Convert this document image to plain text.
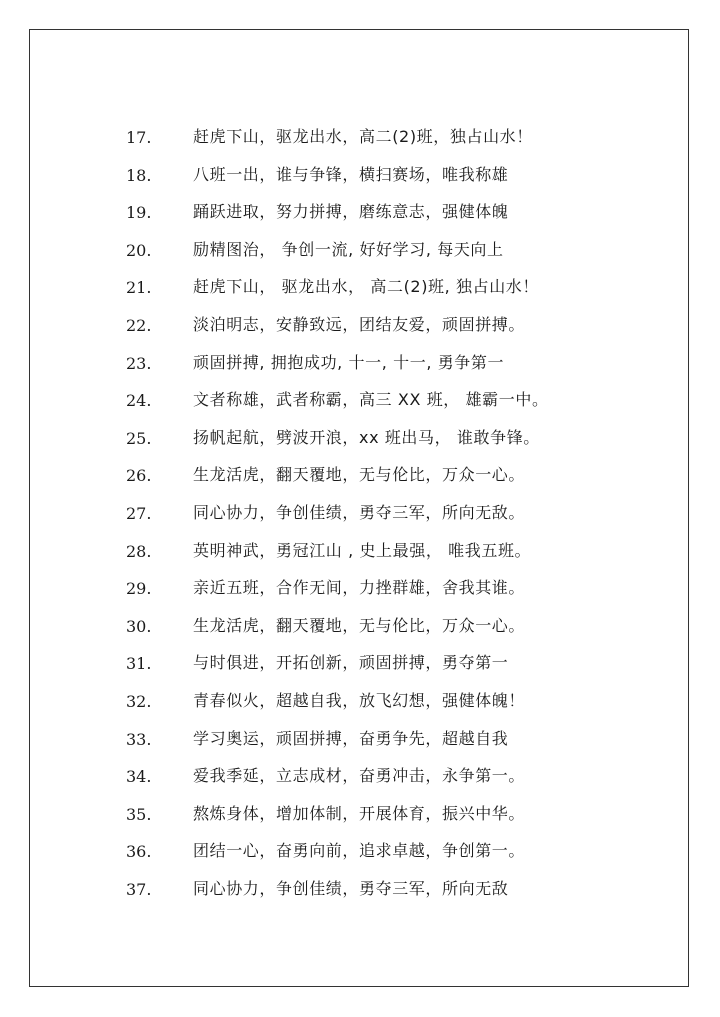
17.	赶虎下山，驱龙出水，高二(2)班，独占山水！
18.	八班一出，谁与争锋，横扫赛场，唯我称雄
19.	踊跃进取，努力拼搏，磨练意志，强健体魄
20.	励精图治， 争创一流, 好好学习, 每天向上
21.	赶虎下山， 驱龙出水， 高二(2)班, 独占山水！
22.	淡泊明志，安静致远，团结友爱，顽固拼搏。
23.	顽固拼搏, 拥抱成功, 十一, 十一, 勇争第一
24.	文者称雄，武者称霸，高三 XX 班， 雄霸一中。
25.	扬帆起航，劈波开浪，xx 班出马， 谁敢争锋。
26.	生龙活虎，翻天覆地，无与伦比，万众一心。
27.	同心协力，争创佳绩，勇夺三军，所向无敌。
28.	英明神武，勇冠江山 , 史上最强， 唯我五班。
29.	亲近五班，合作无间，力挫群雄，舍我其谁。
30.	生龙活虎，翻天覆地，无与伦比，万众一心。
31.	与时俱进，开拓创新，顽固拼搏，勇夺第一
32.	青春似火，超越自我，放飞幻想，强健体魄！
33.	学习奥运，顽固拼搏，奋勇争先，超越自我
34.	爱我季延，立志成材，奋勇冲击，永争第一。
35.	熬炼身体，增加体制，开展体育，振兴中华。
36.	团结一心，奋勇向前，追求卓越，争创第一。
37.	同心协力，争创佳绩，勇夺三军，所向无敌
